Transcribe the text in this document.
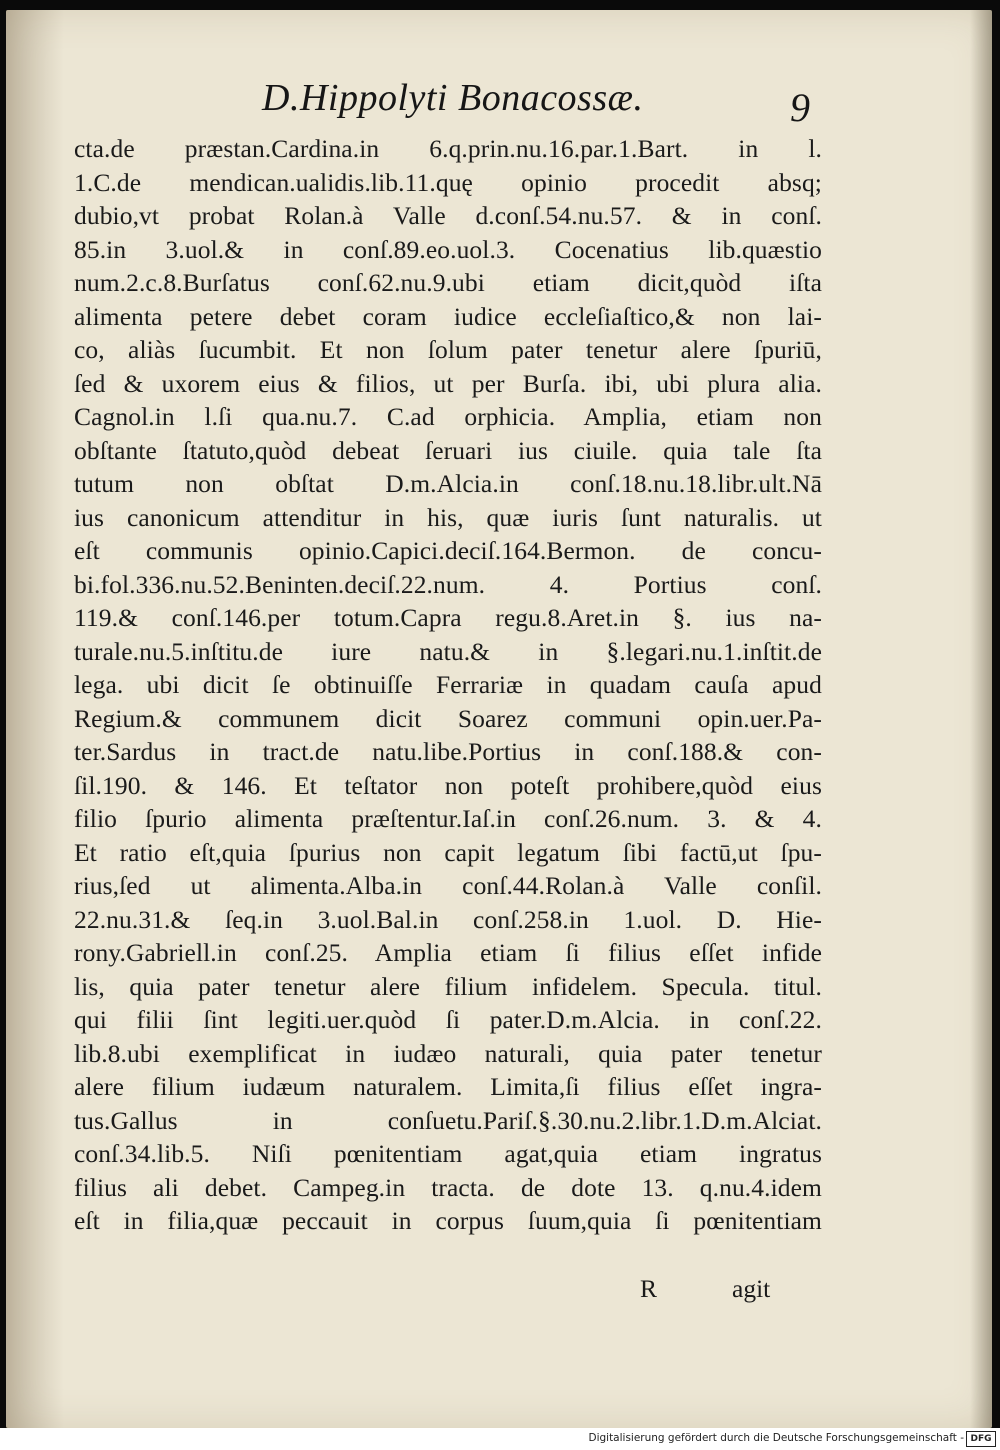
D.Hippolyti Bonacossæ.	9
cta.de præstan.Cardina.in 6.q.prin.nu.16.par.1.Bart. in l.
1.C.de mendican.ualidis.lib.11.quę opinio procedit absq;
dubio,vt probat Rolan.à Valle d.conſ.54.nu.57. & in conſ.
85.in 3.uol.& in conſ.89.eo.uol.3. Cocenatius lib.quæstio
num.2.c.8.Burſatus conſ.62.nu.9.ubi etiam dicit,quòd iſta
alimenta petere debet coram iudice eccleſiaſtico,& non lai-
co, aliàs ſucumbit. Et non ſolum pater tenetur alere ſpuriū,
ſed & uxorem eius & filios, ut per Burſa. ibi, ubi plura alia.
Cagnol.in l.ſi qua.nu.7. C.ad orphicia. Amplia, etiam non
obſtante ſtatuto,quòd debeat ſeruari ius ciuile. quia tale ſta
tutum non obſtat D.m.Alcia.in conſ.18.nu.18.libr.ult.Nā
ius canonicum attenditur in his, quæ iuris ſunt naturalis. ut
eſt communis opinio.Capici.deciſ.164.Bermon. de concu-
bi.fol.336.nu.52.Beninten.deciſ.22.num. 4. Portius conſ.
119.& conſ.146.per totum.Capra regu.8.Aret.in §. ius na-
turale.nu.5.inſtitu.de iure natu.& in §.legari.nu.1.inſtit.de
lega. ubi dicit ſe obtinuiſſe Ferrariæ in quadam cauſa apud
Regium.& communem dicit Soarez communi opin.uer.Pa-
ter.Sardus in tract.de natu.libe.Portius in conſ.188.& con-
ſil.190. & 146. Et teſtator non poteſt prohibere,quòd eius
filio ſpurio alimenta præſtentur.Iaſ.in conſ.26.num. 3. & 4.
Et ratio eſt,quia ſpurius non capit legatum ſibi factū,ut ſpu-
rius,ſed ut alimenta.Alba.in conſ.44.Rolan.à Valle conſil.
22.nu.31.& ſeq.in 3.uol.Bal.in conſ.258.in 1.uol. D. Hie-
rony.Gabriell.in conſ.25. Amplia etiam ſi filius eſſet infide
lis, quia pater tenetur alere filium infidelem. Specula. titul.
qui filii ſint legiti.uer.quòd ſi pater.D.m.Alcia. in conſ.22.
lib.8.ubi exemplificat in iudæo naturali, quia pater tenetur
alere filium iudæum naturalem. Limita,ſi filius eſſet ingra-
tus.Gallus in conſuetu.Pariſ.§.30.nu.2.libr.1.D.m.Alciat.
conſ.34.lib.5. Niſi pœnitentiam agat,quia etiam ingratus
filius ali debet. Campeg.in tracta. de dote 13. q.nu.4.idem
eſt in filia,quæ peccauit in corpus ſuum,quia ſi pœnitentiam
R	agit
Digitalisierung gefördert durch die Deutsche Forschungsgemeinschaft - DFG
